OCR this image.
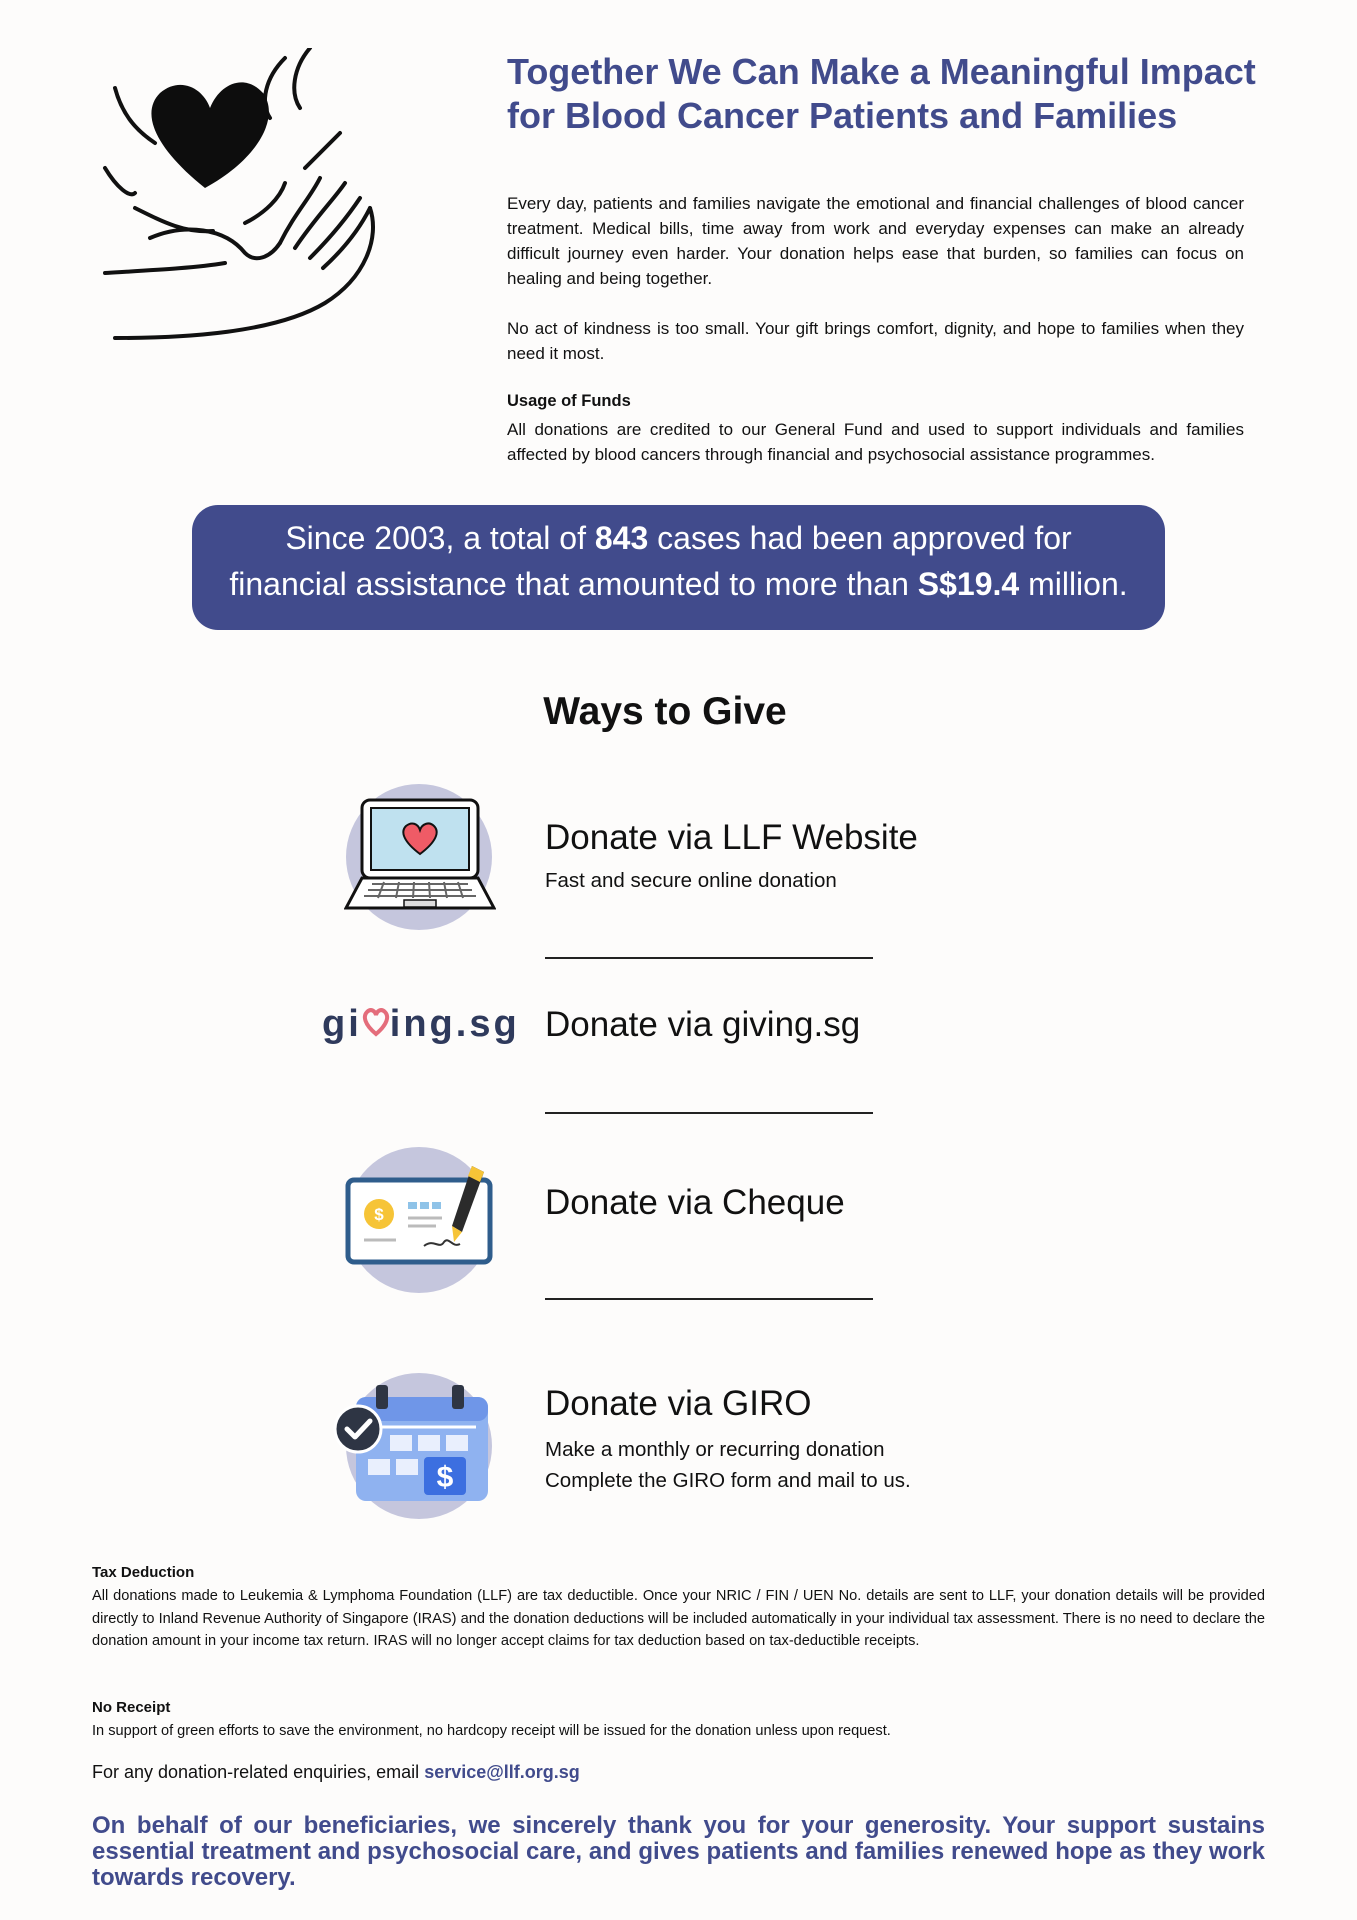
Together We Can Make a Meaningful Impact for Blood Cancer Patients and Families

Every day, patients and families navigate the emotional and financial challenges of blood cancer treatment. Medical bills, time away from work and everyday expenses can make an already difficult journey even harder. Your donation helps ease that burden, so families can focus on healing and being together.

No act of kindness is too small. Your gift brings comfort, dignity, and hope to families when they need it most.

Usage of Funds

All donations are credited to our General Fund and used to support individuals and families affected by blood cancers through financial and psychosocial assistance programmes.

Since 2003, a total of 843 cases had been approved for
financial assistance that amounted to more than S$19.4 million.
Ways to Give

Donate via LLF Website

Fast and secure online donation

gi ing.sg Donate via giving.sg

$	Donate via Cheque

$

Donate via GIRO

Make a monthly or recurring donation

Complete the GIRO form and mail to us.

Tax Deduction

All donations made to Leukemia & Lymphoma Foundation (LLF) are tax deductible. Once your NRIC / FIN / UEN No. details are sent to LLF, your donation details will be provided directly to Inland Revenue Authority of Singapore (IRAS) and the donation deductions will be included automatically in your individual tax assessment. There is no need to declare the donation amount in your income tax return. IRAS will no longer accept claims for tax deduction based on tax-deductible receipts.

No Receipt

In support of green efforts to save the environment, no hardcopy receipt will be issued for the donation unless upon request.

For any donation-related enquiries, email service@llf.org.sg

On behalf of our beneficiaries, we sincerely thank you for your generosity. Your support sustains essential treatment and psychosocial care, and gives patients and families renewed hope as they work towards recovery.
